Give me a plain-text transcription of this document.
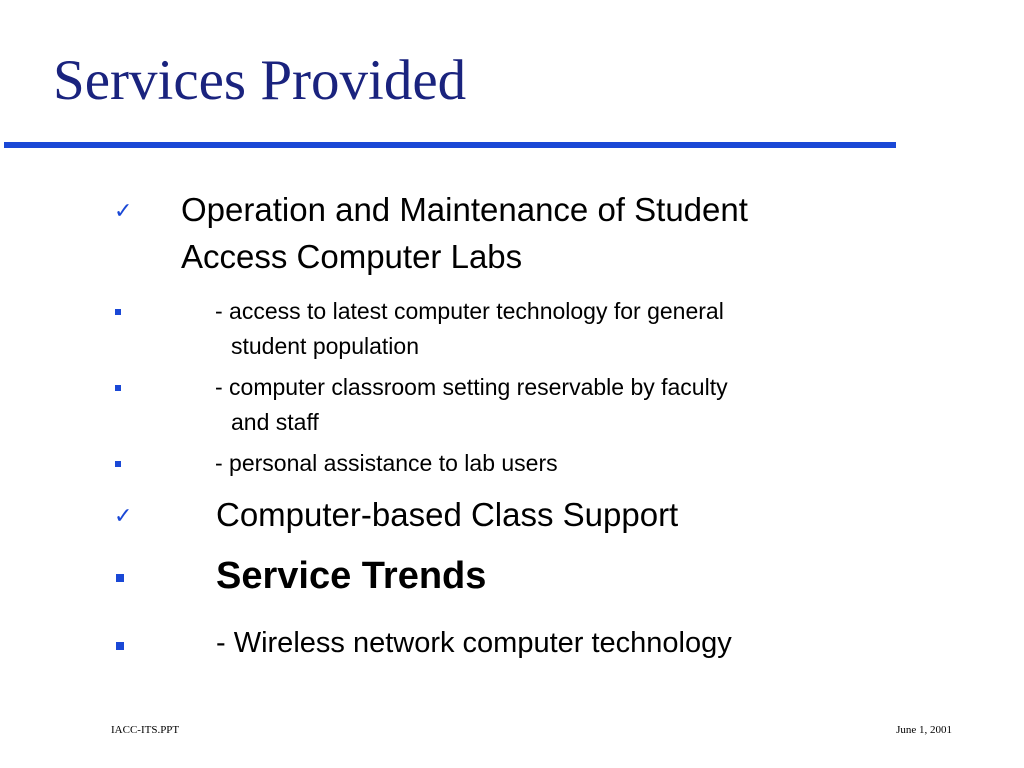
Services Provided
✓ Operation and Maintenance of Student
Access Computer Labs
- access to latest computer technology for general
student population
- computer classroom setting reservable by faculty
and staff
- personal assistance to lab users
✓	Computer-based Class Support
Service Trends
- Wireless network computer technology
IACC-ITS.PPT	June 1, 2001
